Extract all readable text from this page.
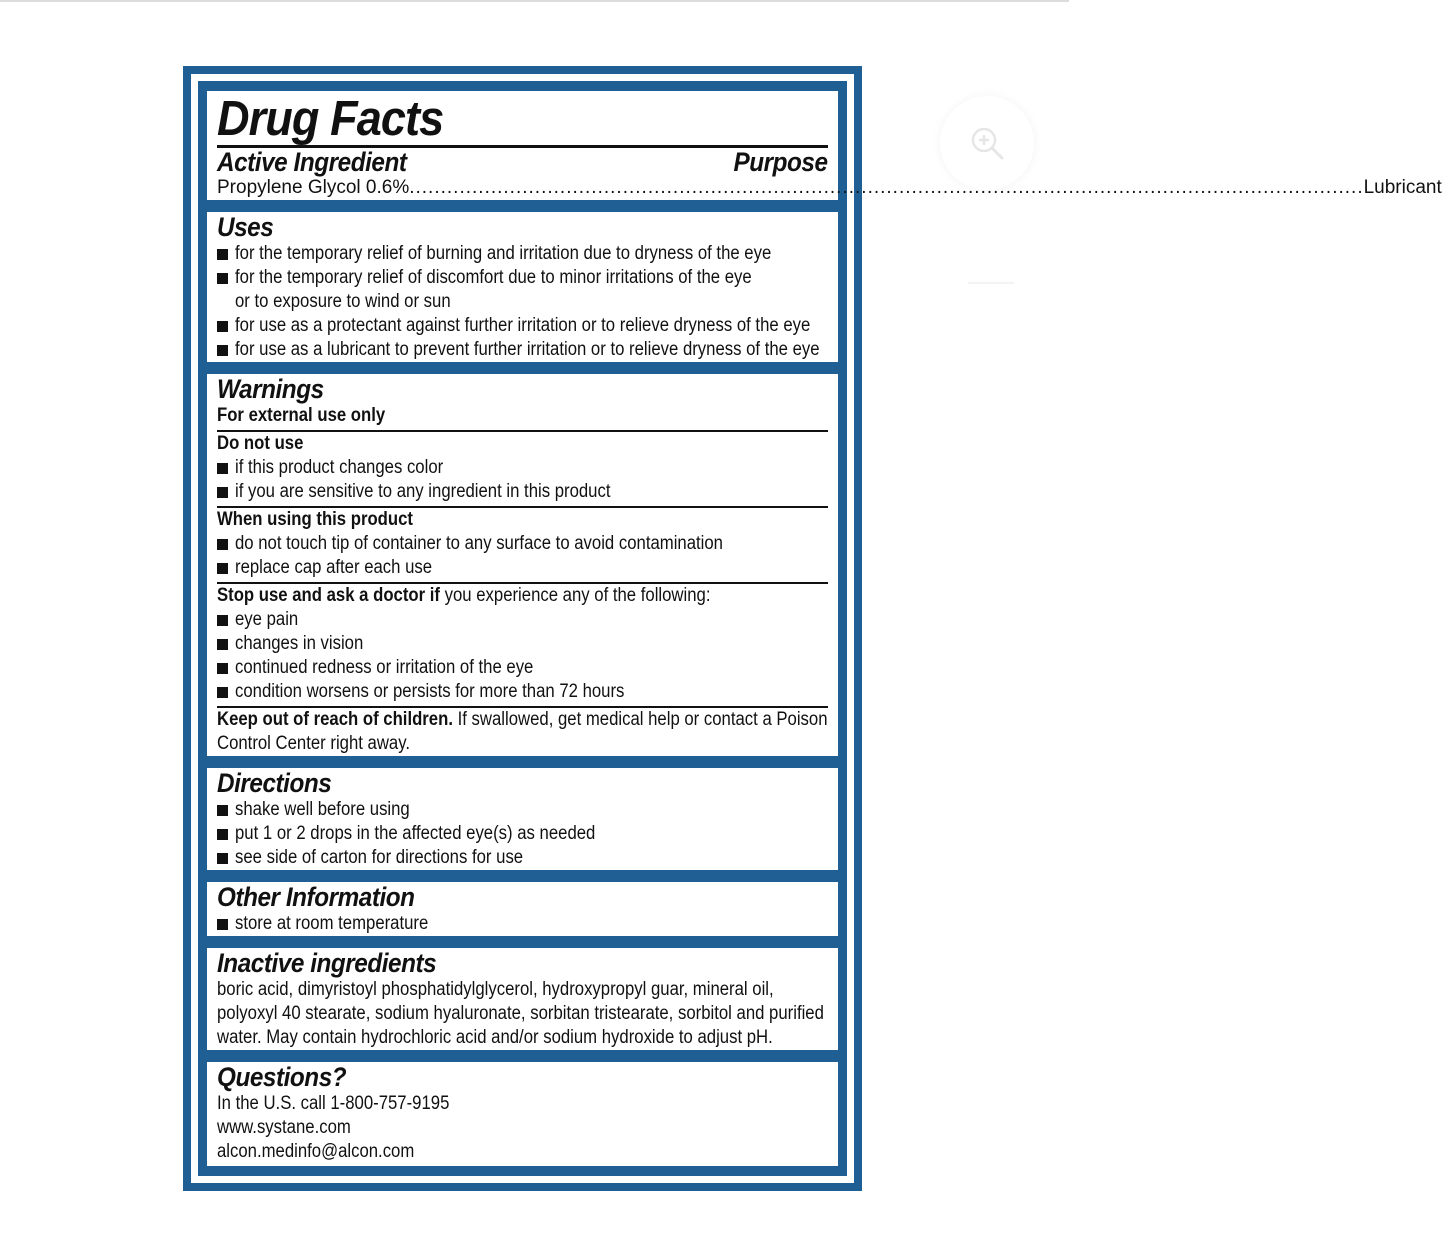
Drug Facts
Active Ingredient	Purpose
Propylene Glycol 0.6% ........................................................................................................................................................ Lubricant
Uses
for the temporary relief of burning and irritation due to dryness of the eye
for the temporary relief of discomfort due to minor irritations of the eye or to exposure to wind or sun
for use as a protectant against further irritation or to relieve dryness of the eye
for use as a lubricant to prevent further irritation or to relieve dryness of the eye
Warnings
For external use only
Do not use
if this product changes color
if you are sensitive to any ingredient in this product
When using this product
do not touch tip of container to any surface to avoid contamination
replace cap after each use
Stop use and ask a doctor if you experience any of the following:
eye pain
changes in vision
continued redness or irritation of the eye
condition worsens or persists for more than 72 hours
Keep out of reach of children. If swallowed, get medical help or contact a Poison
Control Center right away.
Directions
shake well before using
put 1 or 2 drops in the affected eye(s) as needed
see side of carton for directions for use
Other Information
store at room temperature
Inactive ingredients
boric acid, dimyristoyl phosphatidylglycerol, hydroxypropyl guar, mineral oil,
polyoxyl 40 stearate, sodium hyaluronate, sorbitan tristearate, sorbitol and purified
water. May contain hydrochloric acid and/or sodium hydroxide to adjust pH.
Questions?
In the U.S. call 1-800-757-9195
www.systane.com
alcon.medinfo@alcon.com
